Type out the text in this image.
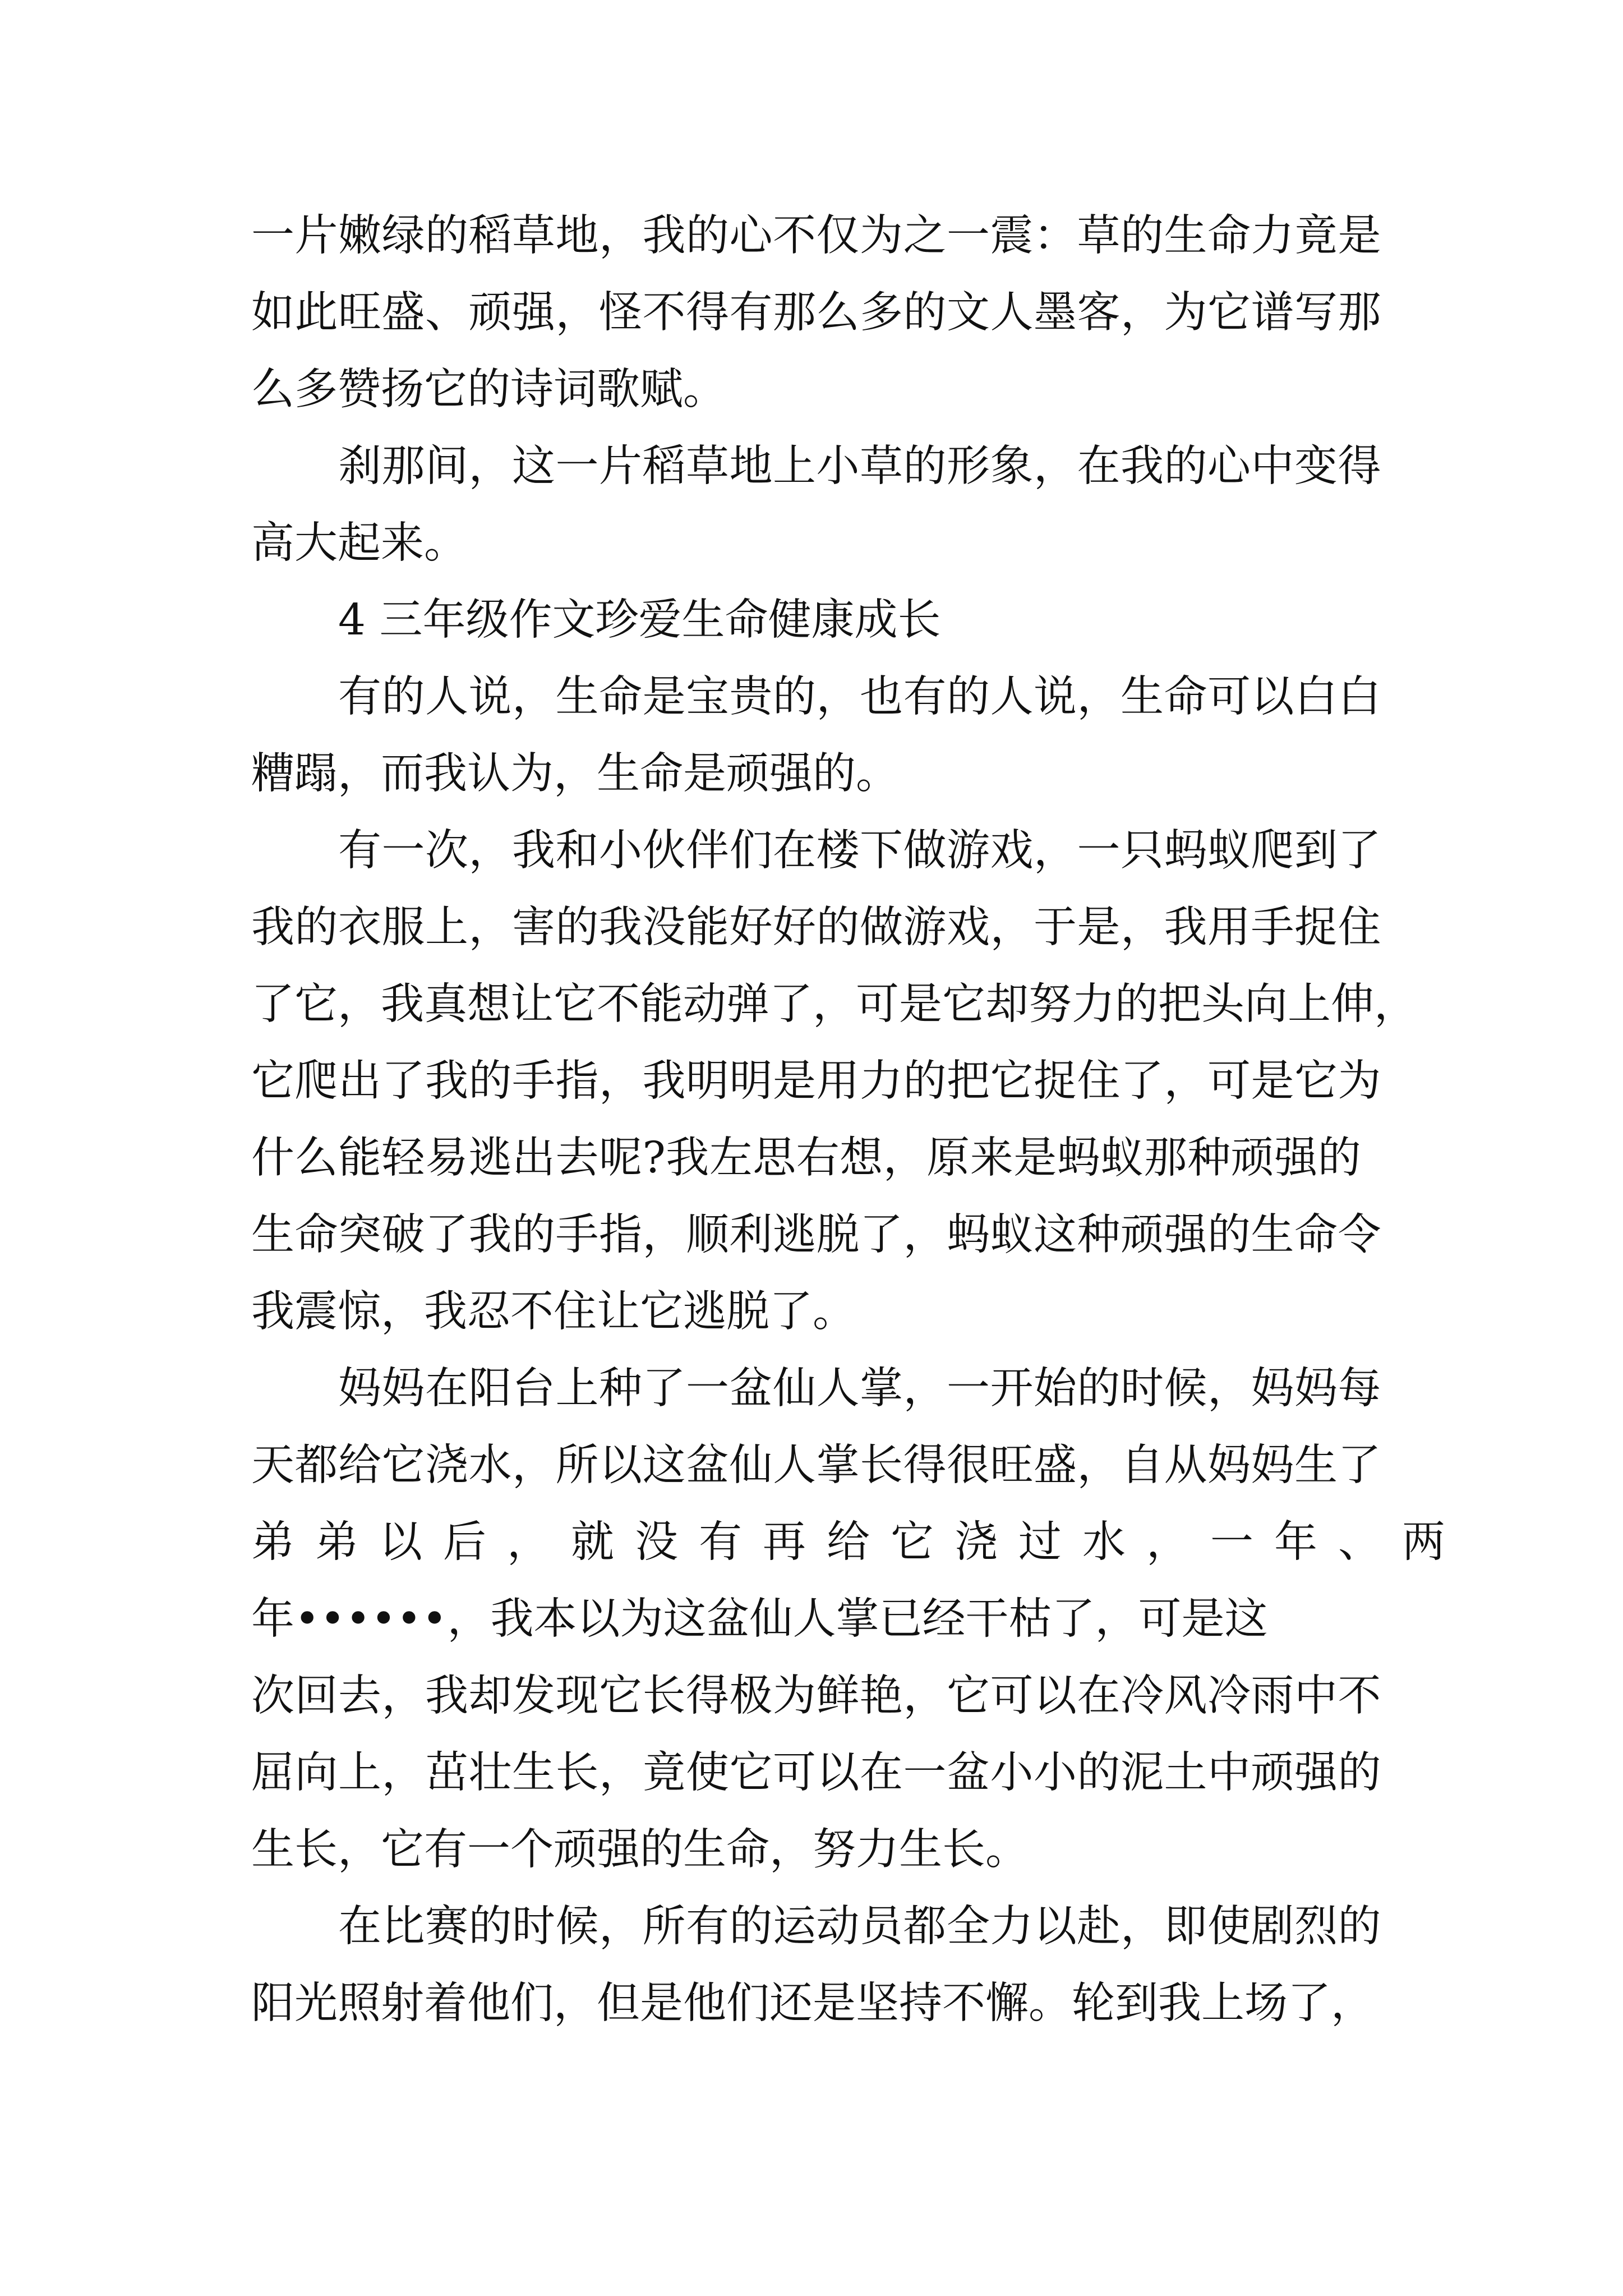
一片嫩绿的稻草地，我的心不仅为之一震：草的生命力竟是
如此旺盛、顽强，怪不得有那么多的文人墨客，为它谱写那
么多赞扬它的诗词歌赋。
刹那间，这一片稻草地上小草的形象，在我的心中变得
高大起来。
4 三年级作文珍爱生命健康成长
有的人说，生命是宝贵的，也有的人说，生命可以白白
糟蹋，而我认为，生命是顽强的。
有一次，我和小伙伴们在楼下做游戏，一只蚂蚁爬到了
我的衣服上，害的我没能好好的做游戏，于是，我用手捉住
了它，我真想让它不能动弹了，可是它却努力的把头向上伸，
它爬出了我的手指，我明明是用力的把它捉住了，可是它为
什么能轻易逃出去呢?我左思右想，原来是蚂蚁那种顽强的
生命突破了我的手指，顺利逃脱了，蚂蚁这种顽强的生命令
我震惊，我忍不住让它逃脱了。
妈妈在阳台上种了一盆仙人掌，一开始的时候，妈妈每
天都给它浇水，所以这盆仙人掌长得很旺盛，自从妈妈生了
弟弟以后，就没有再给它浇过水，一年、两
年••••••，我本以为这盆仙人掌已经干枯了，可是这
次回去，我却发现它长得极为鲜艳，它可以在冷风冷雨中不
屈向上，茁壮生长，竟使它可以在一盆小小的泥土中顽强的
生长，它有一个顽强的生命，努力生长。
在比赛的时候，所有的运动员都全力以赴，即使剧烈的
阳光照射着他们，但是他们还是坚持不懈。轮到我上场了，
